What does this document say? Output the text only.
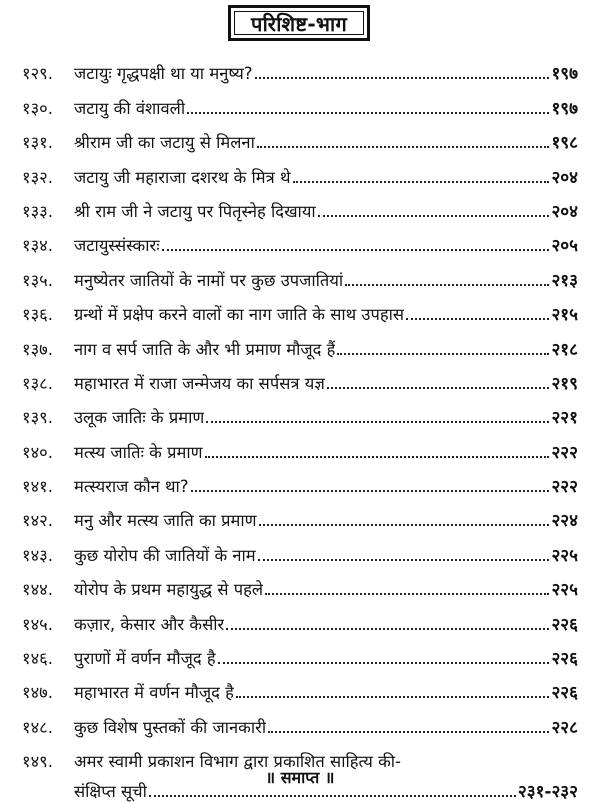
परिशिष्ट-भाग
१२९.	जटायुः गृद्धपक्षी था या मनुष्य?	१९७
१३०.	जटायु की वंशावली	१९७
१३१.	श्रीराम जी का जटायु से मिलना	१९८
१३२.	जटायु जी महाराजा दशरथ के मित्र थे	२०४
१३३.	श्री राम जी ने जटायु पर पितृस्नेह दिखाया	२०४
१३४.	जटायुस्संस्कारः	२०५
१३५.	मनुष्येतर जातियों के नामों पर कुछ उपजातियां	२१३
१३६.	ग्रन्थों में प्रक्षेप करने वालों का नाग जाति के साथ उपहास	२१५
१३७.	नाग व सर्प जाति के और भी प्रमाण मौजूद हैं	२१८
१३८.	महाभारत में राजा जन्मेजय का सर्पसत्र यज्ञ	२१९
१३९.	उलूक जातिः के प्रमाण	२२१
१४०.	मत्स्य जातिः के प्रमाण	२२२
१४१.	मत्स्यराज कौन था?	२२२
१४२.	मनु और मत्स्य जाति का प्रमाण	२२४
१४३.	कुछ योरोप की जातियों के नाम	२२५
१४४.	योरोप के प्रथम महायुद्ध से पहले	२२५
१४५.	कज़ार, केसार और कैसीर	२२६
१४६.	पुराणों में वर्णन मौजूद है	२२६
१४७.	महाभारत में वर्णन मौजूद है	२२६
१४८.	कुछ विशेष पुस्तकों की जानकारी	२२८
१४९.	अमर स्वामी प्रकाशन विभाग द्वारा प्रकाशित साहित्य की-
संक्षिप्त सूची	२३१-२३२
॥ समाप्त ॥
